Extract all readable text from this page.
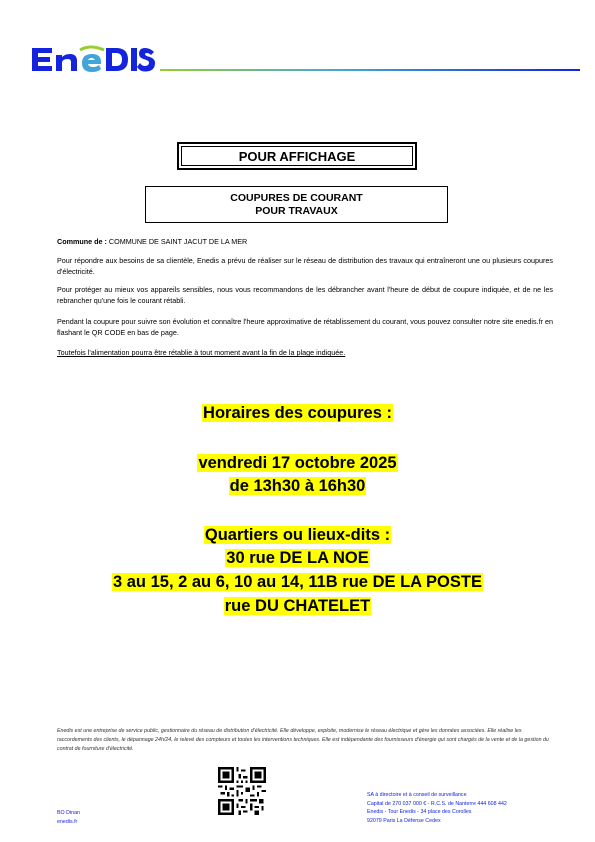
POUR AFFICHAGE
COUPURES DE COURANT
POUR TRAVAUX
Commune de : COMMUNE DE SAINT JACUT DE LA MER
Pour répondre aux besoins de sa clientèle, Enedis a prévu de réaliser sur le réseau de distribution des travaux qui entraîneront une ou plusieurs coupures d'électricité.
Pour protéger au mieux vos appareils sensibles, nous vous recommandons de les débrancher avant l'heure de début de coupure indiquée, et de ne les rebrancher qu'une fois le courant rétabli.
Pendant la coupure pour suivre son évolution et connaître l'heure approximative de rétablissement du courant, vous pouvez consulter notre site enedis.fr en flashant le QR CODE en bas de page.
Toutefois l'alimentation pourra être rétablie à tout moment avant la fin de la plage indiquée.
Horaires des coupures :
vendredi 17 octobre 2025
de 13h30 à 16h30
Quartiers ou lieux-dits :
30 rue DE LA NOE
3 au 15, 2 au 6, 10 au 14, 11B rue DE LA POSTE
rue DU CHATELET
Enedis est une entreprise de service public, gestionnaire du réseau de distribution d'électricité. Elle développe, exploite, modernise le réseau électrique et gère les données associées. Elle réalise les raccordements des clients, le dépannage 24h/24, le relevé des compteurs et toutes les interventions techniques. Elle est indépendante des fournisseurs d'énergie qui sont chargés de la vente et de la gestion du contrat de fourniture d'électricité.
SA à directoire et à conseil de surveillance
Capital de 270 037 000 € - R.C.S. de Nanterre 444 608 442
Enedis - Tour Enedis - 34 place des Corolles
92079 Paris La Défense Cedex
BO Dinan
enedis.fr
